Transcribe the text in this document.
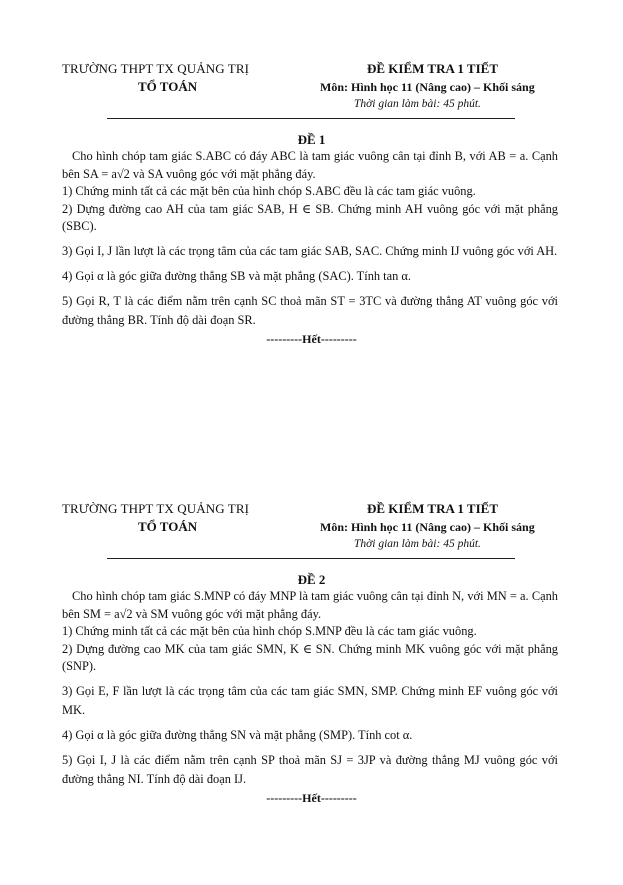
TRƯỜNG THPT TX QUẢNG TRỊ
TỔ TOÁN
ĐỀ KIỂM TRA 1 TIẾT
Môn: Hình học 11 (Nâng cao) – Khối sáng
Thời gian làm bài: 45 phút.
ĐỀ 1

Cho hình chóp tam giác S.ABC có đáy ABC là tam giác vuông cân tại đỉnh B, với AB = a. Cạnh bên SA = a√2 và SA vuông góc với mặt phẳng đáy.

1) Chứng minh tất cả các mặt bên của hình chóp S.ABC đều là các tam giác vuông.

2) Dựng đường cao AH của tam giác SAB, H ∈ SB. Chứng minh AH vuông góc với mặt phẳng (SBC).

3) Gọi I, J lần lượt là các trọng tâm của các tam giác SAB, SAC. Chứng minh IJ vuông góc với AH.

4) Gọi α là góc giữa đường thẳng SB và mặt phẳng (SAC). Tính tan α.

5) Gọi R, T là các điểm nằm trên cạnh SC thoả mãn ST = 3TC và đường thẳng AT vuông góc với đường thẳng BR. Tính độ dài đoạn SR.

---------Hết---------
TRƯỜNG THPT TX QUẢNG TRỊ
TỔ TOÁN
ĐỀ KIỂM TRA 1 TIẾT
Môn: Hình học 11 (Nâng cao) – Khối sáng
Thời gian làm bài: 45 phút.
ĐỀ 2

Cho hình chóp tam giác S.MNP có đáy MNP là tam giác vuông cân tại đỉnh N, với MN = a. Cạnh bên SM = a√2 và SM vuông góc với mặt phẳng đáy.

1) Chứng minh tất cả các mặt bên của hình chóp S.MNP đều là các tam giác vuông.

2) Dựng đường cao MK của tam giác SMN, K ∈ SN. Chứng minh MK vuông góc với mặt phẳng (SNP).

3) Gọi E, F lần lượt là các trọng tâm của các tam giác SMN, SMP. Chứng minh EF vuông góc với MK.

4) Gọi α là góc giữa đường thẳng SN và mặt phẳng (SMP). Tính cot α.

5) Gọi I, J là các điểm nằm trên cạnh SP thoả mãn SJ = 3JP và đường thẳng MJ vuông góc với đường thẳng NI. Tính độ dài đoạn IJ.

---------Hết---------
